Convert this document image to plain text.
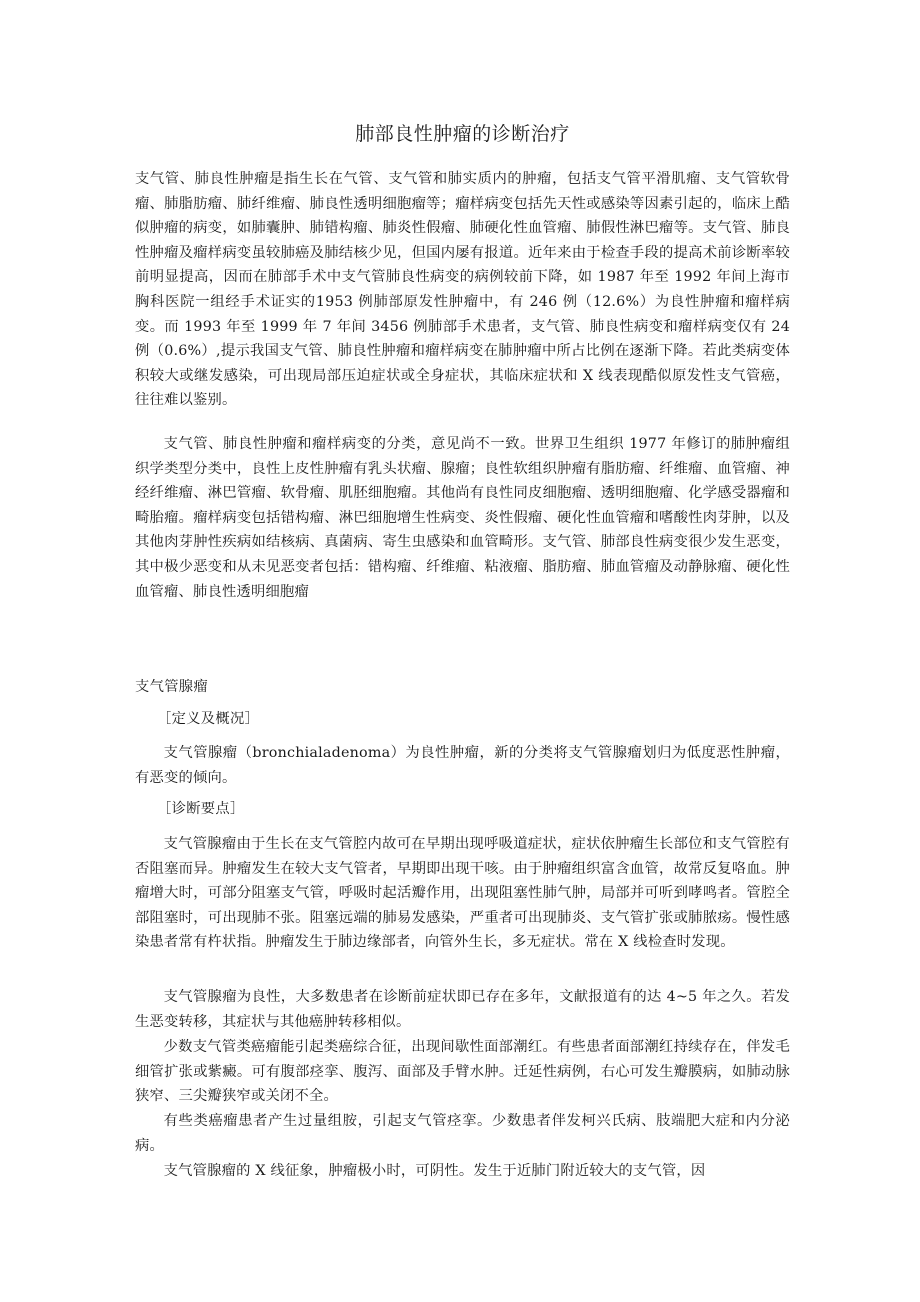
肺部良性肿瘤的诊断治疗

支气管、肺良性肿瘤是指生长在气管、支气管和肺实质内的肿瘤，包括支气管平滑肌瘤、支气管软骨瘤、肺脂肪瘤、肺纤维瘤、肺良性透明细胞瘤等；瘤样病变包括先天性或感染等因素引起的，临床上酷似肿瘤的病变，如肺囊肿、肺错构瘤、肺炎性假瘤、肺硬化性血管瘤、肺假性淋巴瘤等。支气管、肺良性肿瘤及瘤样病变虽较肺癌及肺结核少见，但国内屡有报道。近年来由于检查手段的提高术前诊断率较前明显提高，因而在肺部手术中支气管肺良性病变的病例较前下降，如 1987 年至 1992 年间上海市胸科医院一组经手术证实的1953 例肺部原发性肿瘤中，有 246 例（12.6%）为良性肿瘤和瘤样病变。而 1993 年至 1999 年 7 年间 3456 例肺部手术患者，支气管、肺良性病变和瘤样病变仅有 24 例（0.6%）,提示我国支气管、肺良性肿瘤和瘤样病变在肺肿瘤中所占比例在逐渐下降。若此类病变体积较大或继发感染，可出现局部压迫症状或全身症状，其临床症状和 X 线表现酷似原发性支气管癌，往往难以鉴别。

支气管、肺良性肿瘤和瘤样病变的分类，意见尚不一致。世界卫生组织 1977 年修订的肺肿瘤组织学类型分类中，良性上皮性肿瘤有乳头状瘤、腺瘤；良性软组织肿瘤有脂肪瘤、纤维瘤、血管瘤、神经纤维瘤、淋巴管瘤、软骨瘤、肌胚细胞瘤。其他尚有良性同皮细胞瘤、透明细胞瘤、化学感受器瘤和畸胎瘤。瘤样病变包括错构瘤、淋巴细胞增生性病变、炎性假瘤、硬化性血管瘤和嗜酸性肉芽肿，以及其他肉芽肿性疾病如结核病、真菌病、寄生虫感染和血管畸形。支气管、肺部良性病变很少发生恶变，其中极少恶变和从未见恶变者包括：错构瘤、纤维瘤、粘液瘤、脂肪瘤、肺血管瘤及动静脉瘤、硬化性血管瘤、肺良性透明细胞瘤

支气管腺瘤

［定义及概况］

支气管腺瘤（bronchialadenoma）为良性肿瘤，新的分类将支气管腺瘤划归为低度恶性肿瘤，有恶变的倾向。

［诊断要点］

支气管腺瘤由于生长在支气管腔内故可在早期出现呼吸道症状，症状依肿瘤生长部位和支气管腔有否阻塞而异。肿瘤发生在较大支气管者，早期即出现干咳。由于肿瘤组织富含血管，故常反复咯血。肿瘤增大时，可部分阻塞支气管，呼吸时起活瓣作用，出现阻塞性肺气肿，局部并可听到哮鸣者。管腔全部阻塞时，可出现肺不张。阻塞远端的肺易发感染，严重者可出现肺炎、支气管扩张或肺脓疡。慢性感染患者常有杵状指。肿瘤发生于肺边缘部者，向管外生长，多无症状。常在 X 线检查时发现。

支气管腺瘤为良性，大多数患者在诊断前症状即已存在多年，文献报道有的达 4~5 年之久。若发生恶变转移，其症状与其他癌肿转移相似。

少数支气管类癌瘤能引起类癌综合征，出现间歇性面部潮红。有些患者面部潮红持续存在，伴发毛细管扩张或紫癜。可有腹部痉挛、腹泻、面部及手臂水肿。迁延性病例，右心可发生瓣膜病，如肺动脉狭窄、三尖瓣狭窄或关闭不全。

有些类癌瘤患者产生过量组胺，引起支气管痉挛。少数患者伴发柯兴氏病、肢端肥大症和内分泌病。

支气管腺瘤的 X 线征象，肿瘤极小时，可阴性。发生于近肺门附近较大的支气管，因
